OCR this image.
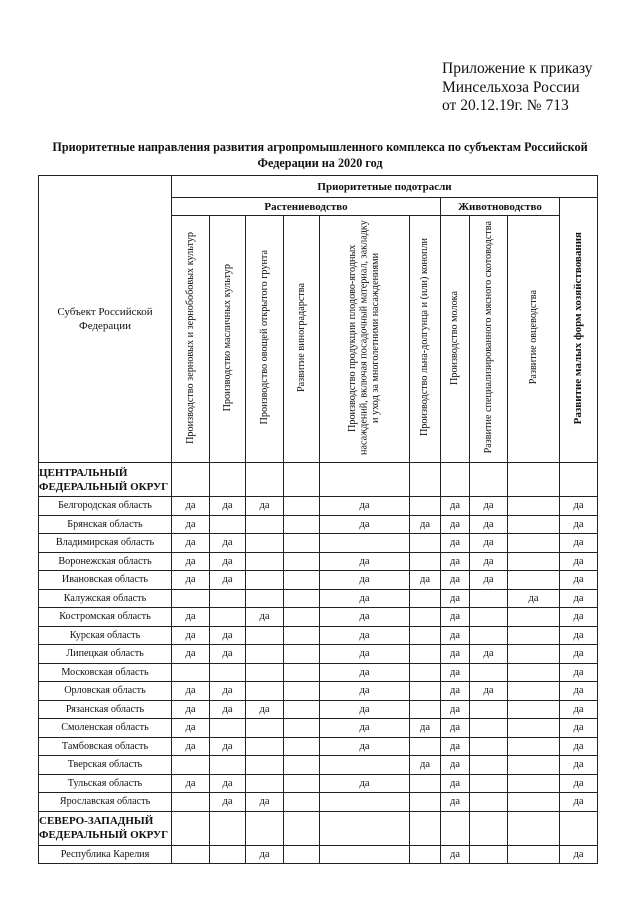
Приложение к приказу
Минсельхоза России
от 20.12.19г. № 713
Приоритетные направления развития агропромышленного комплекса по субъектам Российской Федерации на 2020 год
Субъект Российской Федерации	Приоритетные подотрасли									
	Растениеводство						Животноводство			Развитие малых форм хозяйствования
	Производство зерновых и зернобобовых культур	Производство масличных культур	Производство овощей открытого грунта	Развитие виноградарства	Производство продукции плодово-ягодных насаждений, включая посадочный материал, закладку и уход за многолетними насаждениями	Производство льна-долгунца и (или) конопли	Производство молока	Развитие специализированного мясного скотоводства	Развитие овцеводства	
ЦЕНТРАЛЬНЫЙ ФЕДЕРАЛЬНЫЙ ОКРУГ										
Белгородская область	да	да	да		да		да	да		да
Брянская область	да				да	да	да	да		да
Владимирская область	да	да					да	да		да
Воронежская область	да	да			да		да	да		да
Ивановская область	да	да			да	да	да	да		да
Калужская область					да		да		да	да
Костромская область	да		да		да		да			да
Курская область	да	да			да		да			да
Липецкая область	да	да			да		да	да		да
Московская область					да		да			да
Орловская область	да	да			да		да	да		да
Рязанская область	да	да	да		да		да			да
Смоленская область	да				да	да	да			да
Тамбовская область	да	да			да		да			да
Тверская область						да	да			да
Тульская область	да	да			да		да			да
Ярославская область		да	да				да			да
СЕВЕРО-ЗАПАДНЫЙ ФЕДЕРАЛЬНЫЙ ОКРУГ										
Республика Карелия			да				да			да
